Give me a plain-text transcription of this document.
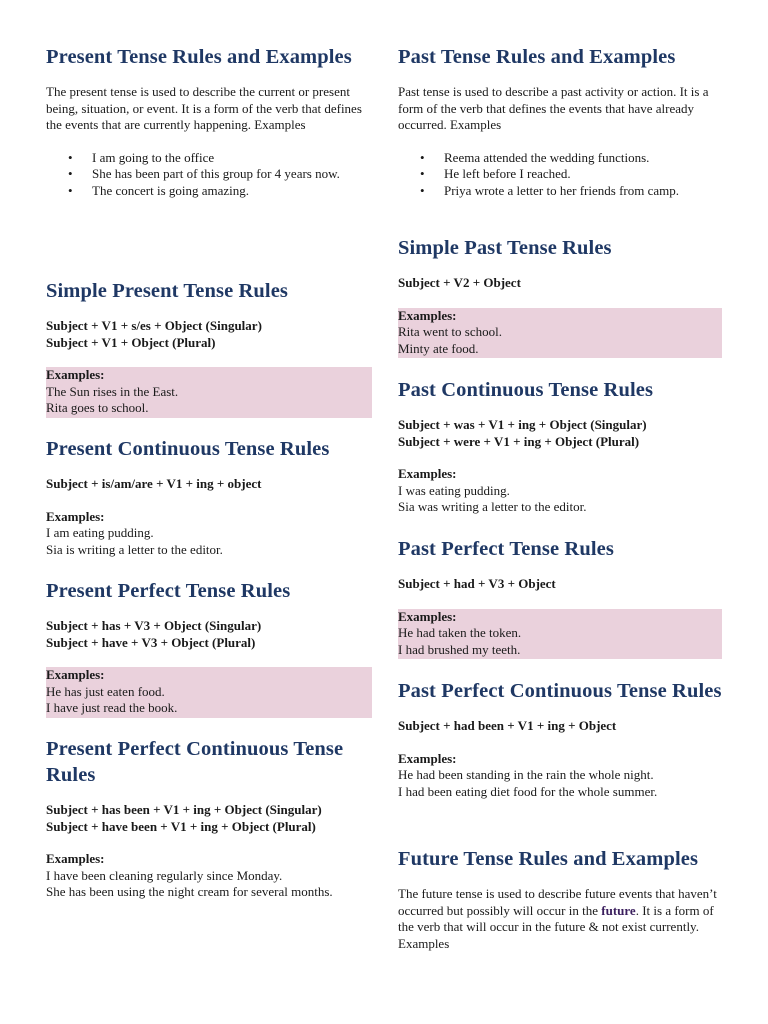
Present Tense Rules and Examples

The present tense is used to describe the current or present being, situation, or event. It is a form of the verb that defines the events that are currently happening. Examples

• I am going to the office
• She has been part of this group for 4 years now.
• The concert is going amazing.
Simple Present Tense Rules
Subject + V1 + s/es + Object (Singular)
Subject + V1 + Object (Plural)
Examples:
The Sun rises in the East.
Rita goes to school.
Present Continuous Tense Rules
Subject + is/am/are + V1 + ing + object
Examples:
I am eating pudding.
Sia is writing a letter to the editor.
Present Perfect Tense Rules
Subject + has + V3 + Object (Singular)
Subject + have + V3 + Object (Plural)
Examples:
He has just eaten food.
I have just read the book.
Present Perfect Continuous Tense Rules
Subject + has been + V1 + ing + Object (Singular)
Subject + have been + V1 + ing + Object (Plural)
Examples:
I have been cleaning regularly since Monday.
She has been using the night cream for several months.
Past Tense Rules and Examples

Past tense is used to describe a past activity or action. It is a form of the verb that defines the events that have already occurred. Examples

• Reema attended the wedding functions.
• He left before I reached.
• Priya wrote a letter to her friends from camp.
Simple Past Tense Rules
Subject + V2 + Object
Examples:
Rita went to school.
Minty ate food.
Past Continuous Tense Rules
Subject + was + V1 + ing + Object (Singular)
Subject + were + V1 + ing + Object (Plural)
Examples:
I was eating pudding.
Sia was writing a letter to the editor.
Past Perfect Tense Rules
Subject + had + V3 + Object
Examples:
He had taken the token.
I had brushed my teeth.
Past Perfect Continuous Tense Rules
Subject + had been + V1 + ing + Object
Examples:
He had been standing in the rain the whole night.
I had been eating diet food for the whole summer.
Future Tense Rules and Examples

The future tense is used to describe future events that haven’t occurred but possibly will occur in the future. It is a form of the verb that will occur in the future & not exist currently. Examples
